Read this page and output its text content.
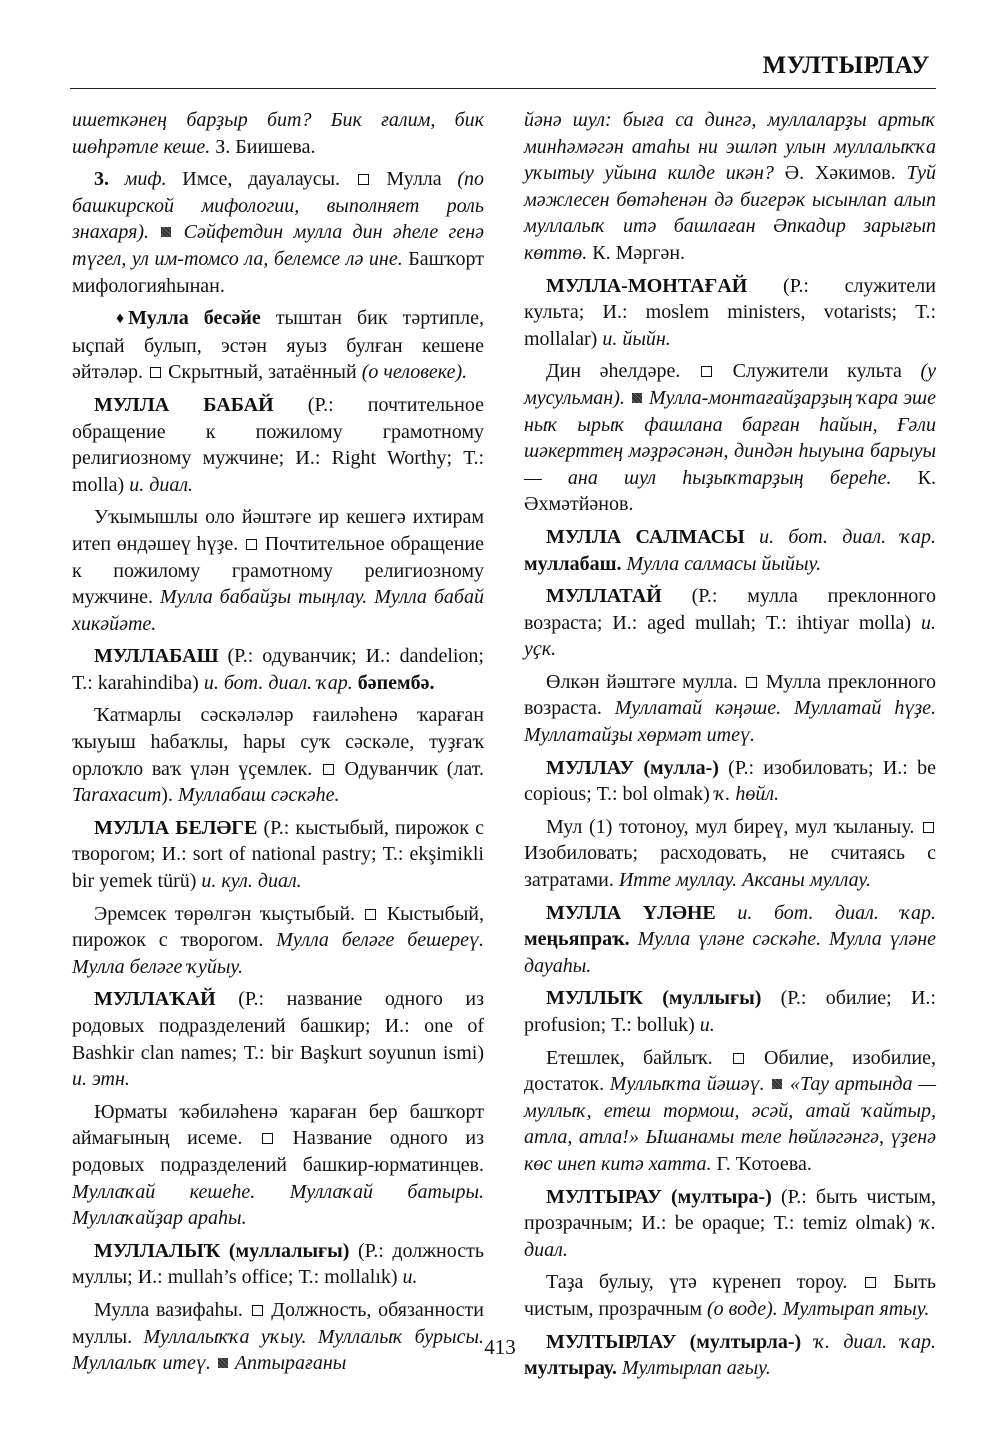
МУЛТЫРЛАУ

ишеткәнең барҙыр бит? Бик ғалим, бик шөһрәтле кеше. З. Биишева.

3. миф. Имсе, дауалаусы.  Мулла (по башкирской мифологии, выполняет роль знахаря).  Сәйфетдин мулла дин әһеле генә түгел, ул им-томсо ла, белемсе лә ине. Башҡорт мифологияһынан.

♦ Мулла бесәйе тыштан бик тәртипле, ыҫпай булып, эстән яуыз булған кешене әйтәләр.  Скрытный, затаённый (о человеке).

МУЛЛА БАБАЙ (Р.: почтительное обращение к пожилому грамотному религиозному мужчине; И.: Right Worthy; Т.: molla) и. диал.

Уҡымышлы оло йәштәге ир кешегә ихтирам итеп өндәшеү һүҙе.  Почтительное обращение к пожилому грамотному религиозному мужчине. Мулла бабайҙы тыңлау. Мулла бабай хикәйәте.

МУЛЛАБАШ (Р.: одуванчик; И.: dandelion; Т.: karahindiba) и. бот. диал. ҡар. бәпембә.

Ҡатмарлы сәскәләләр ғаиләһенә ҡараған ҡыуыш һабаҡлы, һары суҡ сәскәле, туҙғаҡ орлоҡло ваҡ үлән үҫемлек.  Одуванчик (лат. Taraxacum). Муллабаш сәскәһе.

МУЛЛА БЕЛӘГЕ (Р.: кыстыбый, пирожок с творогом; И.: sort of national pastry; Т.: ekşimikli bir yemek türü) и. кул. диал.

Эремсек төрөлгән ҡыҫтыбый.  Кыстыбый, пирожок с творогом. Мулла беләге бешереү. Мулла беләге ҡуйыу.

МУЛЛАҠАЙ (Р.: название одного из родовых подразделений башкир; И.: one of Bashkir clan names; Т.: bir Başkurt soyunun ismi) и. этн.

Юрматы ҡәбиләһенә ҡараған бер башҡорт аймағының исеме.  Название одного из родовых подразделений башкир-юрматинцев. Муллаҡай кешеһе. Муллаҡай батыры. Муллаҡайҙар араһы.

МУЛЛАЛЫҠ (муллалығы) (Р.: должность муллы; И.: mullah’s office; Т.: mollalık) и.

Мулла вазифаһы.  Должность, обязанности муллы. Муллалыҡҡа уҡыу. Муллалыҡ бурысы. Муллалыҡ итеү.  Аптырағаны

йәнә шул: быға са дингә, муллаларҙы артыҡ минһәмәгән атаһы ни эшләп улын муллалыҡҡа уҡытыу уйына килде икән? Ә. Хәкимов. Туй мәжлесен бөтәһенән дә бигерәк ысынлап алып муллалыҡ итә башлаған Әпкадир зарығып көттө. К. Мәргән.

МУЛЛА-МОНТАҒАЙ (Р.: служители культа; И.: moslem ministers, votarists; Т.: mollalar) и. йыйн.

Дин әһелдәре.  Служители культа (у мусульман).  Мулла-монтағайҙарҙың ҡара эше ныҡ ырыҡ фашлана барған һайын, Ғәли шәкерттең мәҙрәсәнән, диндән һыуына барыуы — ана шул һыҙыҡтарҙың береһе. К. Әхмәтйәнов.

МУЛЛА САЛМАСЫ и. бот. диал. ҡар. муллабаш. Мулла салмасы йыйыу.

МУЛЛАТАЙ (Р.: мулла преклонного возраста; И.: aged mullah; Т.: ihtiyar molla) и. уҫк.

Өлкән йәштәге мулла.  Мулла преклонного возраста. Муллатай кәңәше. Муллатай һүҙе. Муллатайҙы хөрмәт итеү.

МУЛЛАУ (мулла-) (Р.: изобиловать; И.: be copious; Т.: bol olmak) ҡ. һөйл.

Мул (1) тотоноу, мул биреү, мул ҡыланыу.  Изобиловать; расходовать, не считаясь с затратами. Итте муллау. Аксаны муллау.

МУЛЛА ҮЛӘНЕ и. бот. диал. ҡар. меңьяпраҡ. Мулла үләне сәскәһе. Мулла үләне дауаһы.

МУЛЛЫҠ (муллығы) (Р.: обилие; И.: profusion; Т.: bolluk) и.

Етешлек, байлыҡ.  Обилие, изобилие, достаток. Муллыҡта йәшәү.  «Тау артында — муллыҡ, етеш тормош, әсәй, атай ҡайтыр, атла, атла!» Ышанамы теле һөйләгәнгә, үҙенә көс инеп китә хатта. Г. Ҡотоева.

МУЛТЫРАУ (мултыра-) (Р.: быть чистым, прозрачным; И.: be opaque; Т.: temiz olmak) ҡ. диал.

Таҙа булыу, үтә күренеп тороу.  Быть чистым, прозрачным (о воде). Мултырап ятыу.

МУЛТЫРЛАУ (мултырла-) ҡ. диал. ҡар. мултырау. Мултырлап ағыу.

413
